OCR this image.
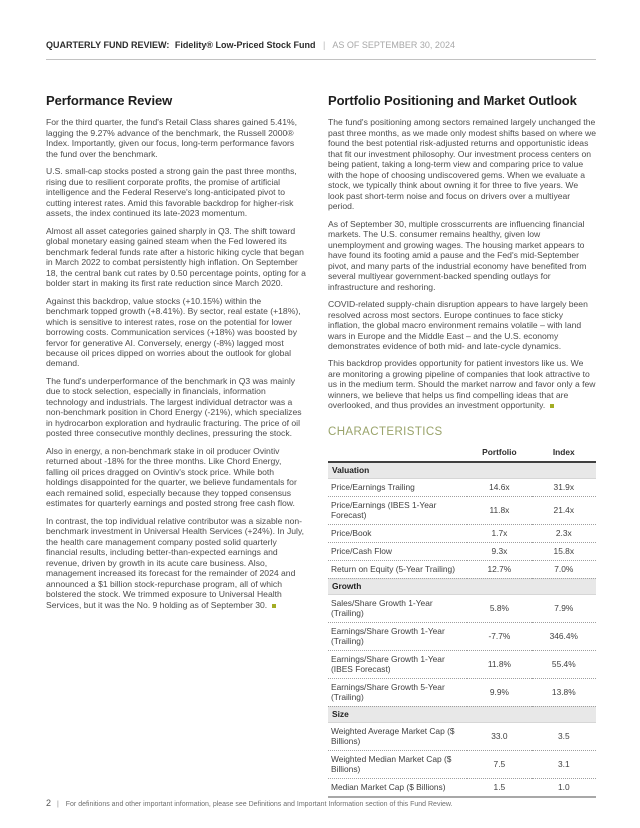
QUARTERLY FUND REVIEW: Fidelity® Low-Priced Stock Fund | AS OF SEPTEMBER 30, 2024
Performance Review

For the third quarter, the fund's Retail Class shares gained 5.41%, lagging the 9.27% advance of the benchmark, the Russell 2000® Index. Importantly, given our focus, long-term performance favors the fund over the benchmark.

U.S. small-cap stocks posted a strong gain the past three months, rising due to resilient corporate profits, the promise of artificial intelligence and the Federal Reserve's long-anticipated pivot to cutting interest rates. Amid this favorable backdrop for higher-risk assets, the index continued its late-2023 momentum.

Almost all asset categories gained sharply in Q3. The shift toward global monetary easing gained steam when the Fed lowered its benchmark federal funds rate after a historic hiking cycle that began in March 2022 to combat persistently high inflation. On September 18, the central bank cut rates by 0.50 percentage points, opting for a bolder start in making its first rate reduction since March 2020.

Against this backdrop, value stocks (+10.15%) within the benchmark topped growth (+8.41%). By sector, real estate (+18%), which is sensitive to interest rates, rose on the potential for lower borrowing costs. Communication services (+18%) was boosted by fervor for generative AI. Conversely, energy (-8%) lagged most because oil prices dipped on worries about the outlook for global demand.

The fund's underperformance of the benchmark in Q3 was mainly due to stock selection, especially in financials, information technology and industrials. The largest individual detractor was a non-benchmark position in Chord Energy (-21%), which specializes in hydrocarbon exploration and hydraulic fracturing. The price of oil posted three consecutive monthly declines, pressuring the stock.

Also in energy, a non-benchmark stake in oil producer Ovintiv returned about -18% for the three months. Like Chord Energy, falling oil prices dragged on Ovintiv's stock price. While both holdings disappointed for the quarter, we believe fundamentals for each remained solid, especially because they topped consensus estimates for quarterly earnings and posted strong free cash flow.

In contrast, the top individual relative contributor was a sizable non-benchmark investment in Universal Health Services (+24%). In July, the health care management company posted solid quarterly financial results, including better-than-expected earnings and revenue, driven by growth in its acute care business. Also, management increased its forecast for the remainder of 2024 and announced a $1 billion stock-repurchase program, all of which bolstered the stock. We trimmed exposure to Universal Health Services, but it was the No. 9 holding as of September 30.

Portfolio Positioning and Market Outlook

The fund's positioning among sectors remained largely unchanged the past three months, as we made only modest shifts based on where we found the best potential risk-adjusted returns and opportunistic ideas that fit our investment philosophy. Our investment process centers on being patient, taking a long-term view and comparing price to value with the hope of choosing undiscovered gems. When we evaluate a stock, we typically think about owning it for three to five years. We look past short-term noise and focus on drivers over a multiyear period.

As of September 30, multiple crosscurrents are influencing financial markets. The U.S. consumer remains healthy, given low unemployment and growing wages. The housing market appears to have found its footing amid a pause and the Fed's mid-September pivot, and many parts of the industrial economy have benefited from several multiyear government-backed spending outlays for infrastructure and reshoring.

COVID-related supply-chain disruption appears to have largely been resolved across most sectors. Europe continues to face sticky inflation, the global macro environment remains volatile – with land wars in Europe and the Middle East – and the U.S. economy demonstrates evidence of both mid- and late-cycle dynamics.

This backdrop provides opportunity for patient investors like us. We are monitoring a growing pipeline of companies that look attractive to us in the medium term. Should the market narrow and favor only a few winners, we believe that helps us find compelling ideas that are overlooked, and thus provides an investment opportunity.

CHARACTERISTICS
	Portfolio	Index
Valuation		
Price/Earnings Trailing	14.6x	31.9x
Price/Earnings (IBES 1-Year Forecast)	11.8x	21.4x
Price/Book	1.7x	2.3x
Price/Cash Flow	9.3x	15.8x
Return on Equity (5-Year Trailing)	12.7%	7.0%
Growth		
Sales/Share Growth 1-Year (Trailing)	5.8%	7.9%
Earnings/Share Growth 1-Year (Trailing)	-7.7%	346.4%
Earnings/Share Growth 1-Year (IBES Forecast)	11.8%	55.4%
Earnings/Share Growth 5-Year (Trailing)	9.9%	13.8%
Size		
Weighted Average Market Cap ($ Billions)	33.0	3.5
Weighted Median Market Cap ($ Billions)	7.5	3.1
Median Market Cap ($ Billions)	1.5	1.0
2 | For definitions and other important information, please see Definitions and Important Information section of this Fund Review.
